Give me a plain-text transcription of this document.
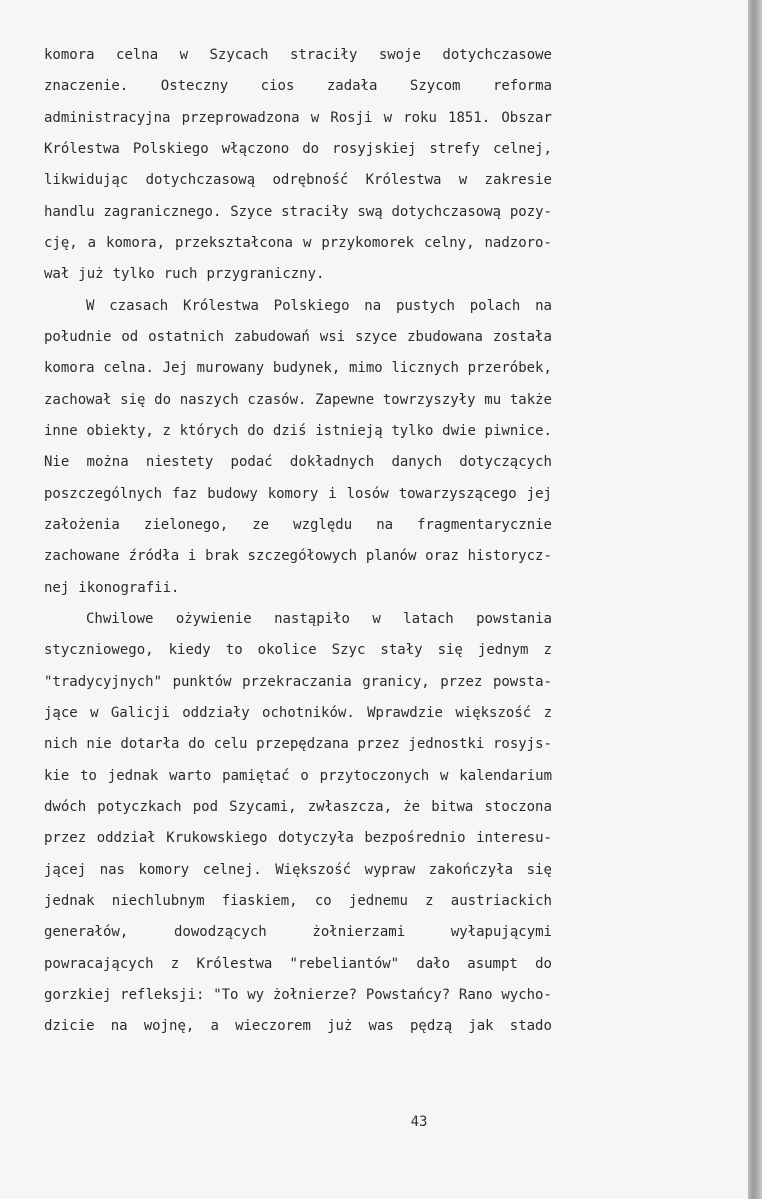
komora celna w Szycach straciły swoje dotychczasowe
znaczenie. Osteczny cios zadała Szycom reforma
administracyjna przeprowadzona w Rosji w roku 1851. Obszar
Królestwa Polskiego włączono do rosyjskiej strefy celnej,
likwidując dotychczasową odrębność Królestwa w zakresie
handlu zagranicznego. Szyce straciły swą dotychczasową pozy-
cję, a komora, przekształcona w przykomorek celny, nadzoro-
wał już tylko ruch przygraniczny.
W czasach Królestwa Polskiego na pustych polach na
południe od ostatnich zabudowań wsi szyce zbudowana została
komora celna. Jej murowany budynek, mimo licznych przeróbek,
zachował się do naszych czasów. Zapewne towrzyszyły mu także
inne obiekty, z których do dziś istnieją tylko dwie piwnice.
Nie można niestety podać dokładnych danych dotyczących
poszczególnych faz budowy komory i losów towarzyszącego jej
założenia zielonego, ze względu na fragmentarycznie
zachowane źródła i brak szczegółowych planów oraz historycz-
nej ikonografii.
Chwilowe ożywienie nastąpiło w latach powstania
styczniowego, kiedy to okolice Szyc stały się jednym z
"tradycyjnych" punktów przekraczania granicy, przez powsta-
jące w Galicji oddziały ochotników. Wprawdzie większość z
nich nie dotarła do celu przepędzana przez jednostki rosyjs-
kie to jednak warto pamiętać o przytoczonych w kalendarium
dwóch potyczkach pod Szycami, zwłaszcza, że bitwa stoczona
przez oddział Krukowskiego dotyczyła bezpośrednio interesu-
jącej nas komory celnej. Większość wypraw zakończyła się
jednak niechlubnym fiaskiem, co jednemu z austriackich
generałów,	dowodzących	żołnierzami	wyłapującymi
powracających z Królestwa "rebeliantów" dało asumpt do
gorzkiej refleksji: "To wy żołnierze? Powstańcy? Rano wycho-
dzicie na wojnę, a wieczorem już was pędzą jak stado
43
